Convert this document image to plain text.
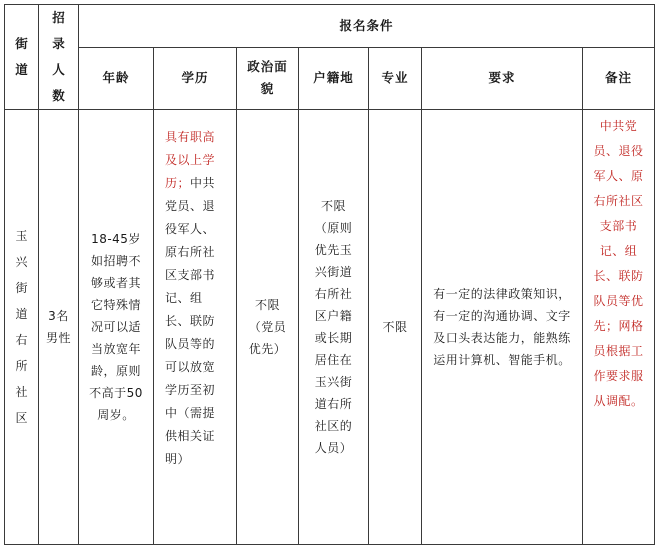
街道	招录人数	报名条件						
		年龄	学历	政治面貌	户籍地	专业	要求	备注

玉兴街道右所社区	3名男性	18-45岁如招聘不够或者其它特殊情况可以适当放宽年龄，原则不高于50周岁。	具有职高及以上学历；中共党员、退役军人、原右所社区支部书记、组长、联防队员等的可以放宽学历至初中（需提供相关证明）	不限（党员优先）	不限（原则优先玉兴街道右所社区户籍或长期居住在玉兴街道右所社区的人员）	不限	有一定的法律政策知识，有一定的沟通协调、文字及口头表达能力，能熟练运用计算机、智能手机。	中共党员、退役军人、原右所社区支部书记、组长、联防队员等优先；网格员根据工作要求服从调配。
